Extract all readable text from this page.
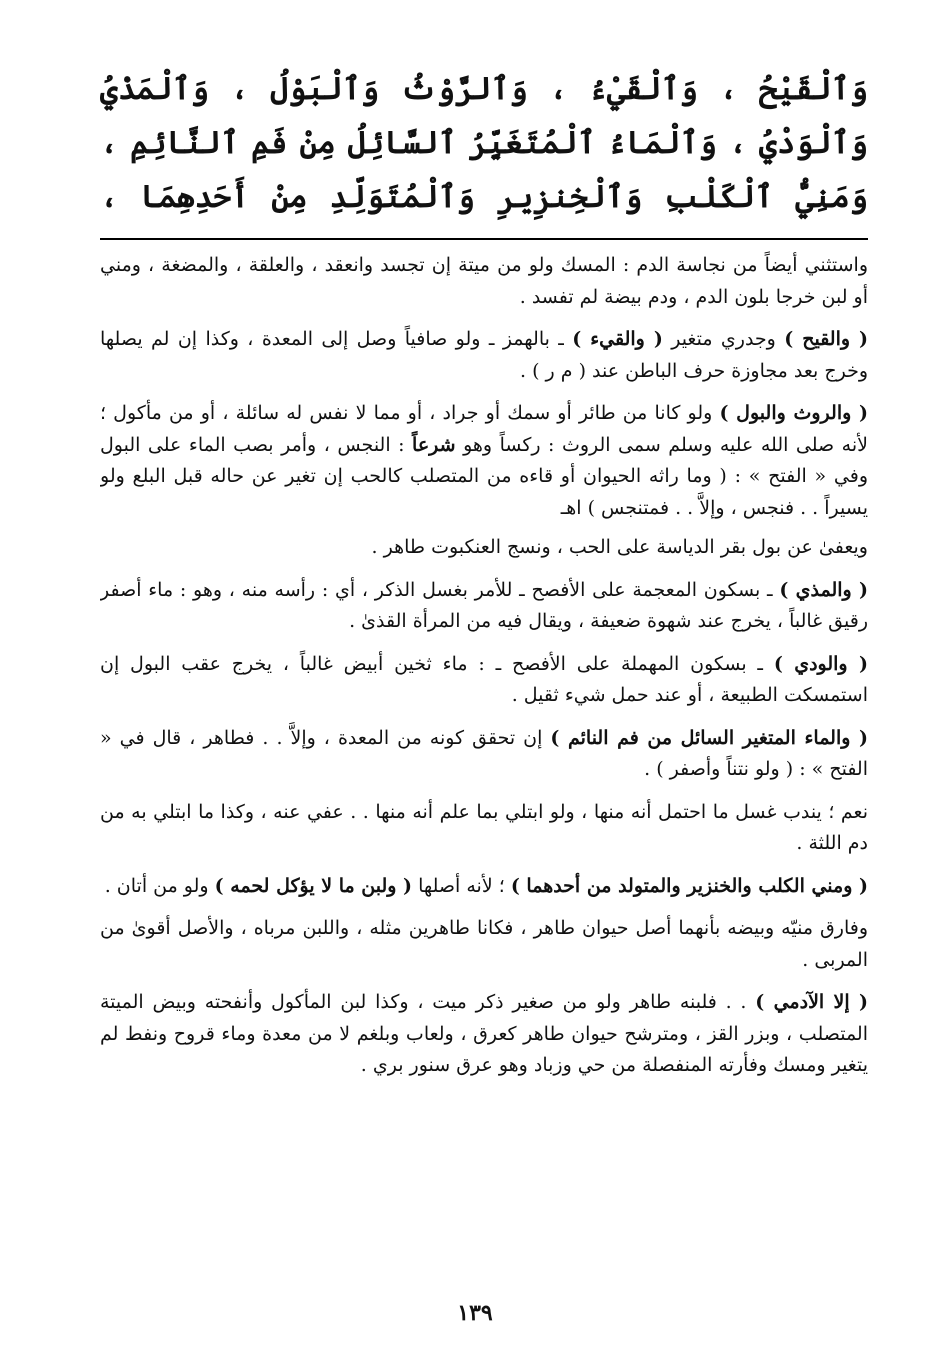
وَٱلْقَيْحُ ، وَٱلْقَيْءُ ، وَٱلرَّوْثُ وَٱلْبَوْلُ ، وَٱلْمَذْيُ وَٱلْوَدْيُ ، وَٱلْمَاءُ ٱلْمُتَغَيِّرُ ٱلسَّائِلُ مِنْ فَمِ ٱلنَّائِمِ ، وَمَنِيُّ ٱلْكَلْبِ وَٱلْخِنزِيرِ وَٱلْمُتَوَلِّدِ مِنْ أَحَدِهِمَا ،

واستثني أيضاً من نجاسة الدم : المسك ولو من ميتة إن تجسد وانعقد ، والعلقة ، والمضغة ، ومني أو لبن خرجا بلون الدم ، ودم بيضة لم تفسد .

( والقيح ) وجدري متغير ( والقيء ) ـ بالهمز ـ ولو صافياً وصل إلى المعدة ، وكذا إن لم يصلها وخرج بعد مجاوزة حرف الباطن عند ( م ر ) .

( والروث والبول ) ولو كانا من طائر أو سمك أو جراد ، أو مما لا نفس له سائلة ، أو من مأكول ؛ لأنه صلى الله عليه وسلم سمى الروث : ركساً وهو شرعاً : النجس ، وأمر بصب الماء على البول وفي « الفتح » : ( وما راثه الحيوان أو قاءه من المتصلب كالحب إن تغير عن حاله قبل البلع ولو يسيراً . . فنجس ، وإلاَّ . . فمتنجس ) اهـ

ويعفىٰ عن بول بقر الدياسة على الحب ، ونسج العنكبوت طاهر .

( والمذي ) ـ بسكون المعجمة على الأفصح ـ للأمر بغسل الذكر ، أي : رأسه منه ، وهو : ماء أصفر رقيق غالباً ، يخرج عند شهوة ضعيفة ، ويقال فيه من المرأة القذىٰ .

( والودي ) ـ بسكون المهملة على الأفصح ـ : ماء ثخين أبيض غالباً ، يخرج عقب البول إن استمسكت الطبيعة ، أو عند حمل شيء ثقيل .

( والماء المتغير السائل من فم النائم ) إن تحقق كونه من المعدة ، وإلاَّ . . فطاهر ، قال في « الفتح » : ( ولو نتناً وأصفر ) .

نعم ؛ يندب غسل ما احتمل أنه منها ، ولو ابتلي بما علم أنه منها . . عفي عنه ، وكذا ما ابتلي به من دم اللثة .

( ومني الكلب والخنزير والمتولد من أحدهما ) ؛ لأنه أصلها ( ولبن ما لا يؤكل لحمه ) ولو من أتان .

وفارق منيّه وبيضه بأنهما أصل حيوان طاهر ، فكانا طاهرين مثله ، واللبن مرباه ، والأصل أقوىٰ من المربى .

( إلا الآدمي ) . . فلبنه طاهر ولو من صغير ذكر ميت ، وكذا لبن المأكول وأنفحته وبيض الميتة المتصلب ، وبزر القز ، ومترشح حيوان طاهر كعرق ، ولعاب وبلغم لا من معدة وماء قروح ونفط لم يتغير ومسك وفأرته المنفصلة من حي وزباد وهو عرق سنور بري .

١٣٩
